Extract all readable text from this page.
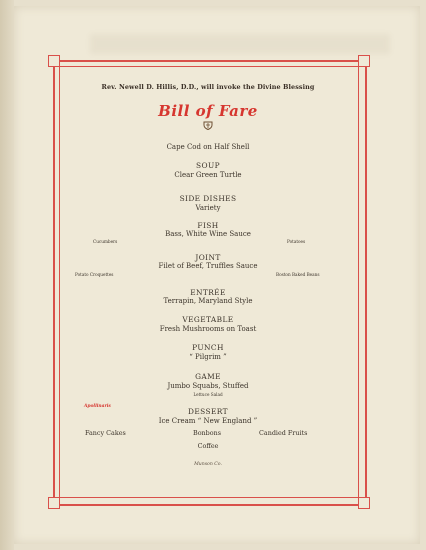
Rev. Newell D. Hillis, D.D., will invoke the Divine Blessing
Bill of Fare
Cape Cod on Half Shell
SOUP
Clear Green Turtle
SIDE DISHES
Variety
FISH
Bass, White Wine Sauce
Cucumbers	Potatoes
JOINT
Filet of Beef, Truffles Sauce
Potato Croquettes	Boston Baked Beans
ENTRÉE
Terrapin, Maryland Style
VEGETABLE
Fresh Mushrooms on Toast
PUNCH
“ Pilgrim ”
GAME
Jumbo Squabs, Stuffed
Lettuce Salad
DESSERT
Ice Cream “ New England ”
Fancy Cakes	Bonbons	Candied Fruits
Coffee
Munson Co.
Apollinaris
